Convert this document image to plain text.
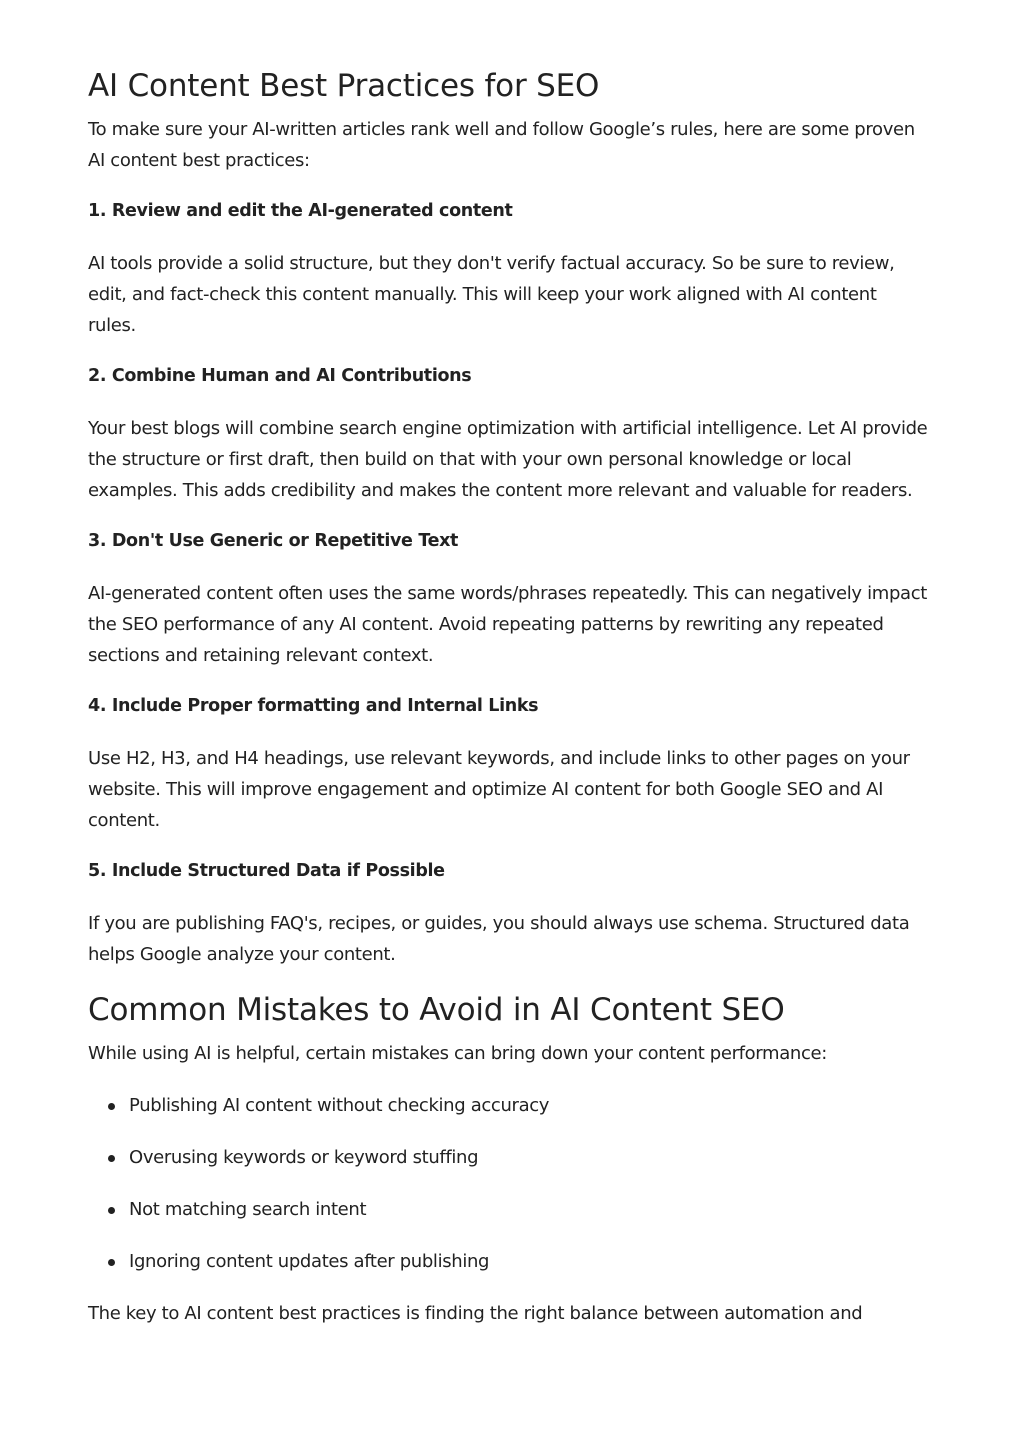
AI Content Best Practices for SEO

To make sure your AI-written articles rank well and follow Google’s rules, here are some proven AI content best practices:

1. Review and edit the AI-generated content

AI tools provide a solid structure, but they don't verify factual accuracy. So be sure to review, edit, and fact-check this content manually. This will keep your work aligned with AI content rules.

2. Combine Human and AI Contributions

Your best blogs will combine search engine optimization with artificial intelligence. Let AI provide the structure or first draft, then build on that with your own personal knowledge or local examples. This adds credibility and makes the content more relevant and valuable for readers.

3. Don't Use Generic or Repetitive Text

AI-generated content often uses the same words/phrases repeatedly. This can negatively impact the SEO performance of any AI content. Avoid repeating patterns by rewriting any repeated sections and retaining relevant context.

4. Include Proper formatting and Internal Links

Use H2, H3, and H4 headings, use relevant keywords, and include links to other pages on your website. This will improve engagement and optimize AI content for both Google SEO and AI content.

5. Include Structured Data if Possible

If you are publishing FAQ's, recipes, or guides, you should always use schema. Structured data helps Google analyze your content.

Common Mistakes to Avoid in AI Content SEO

While using AI is helpful, certain mistakes can bring down your content performance:

Publishing AI content without checking accuracy
Overusing keywords or keyword stuffing
Not matching search intent
Ignoring content updates after publishing

The key to AI content best practices is finding the right balance between automation and
